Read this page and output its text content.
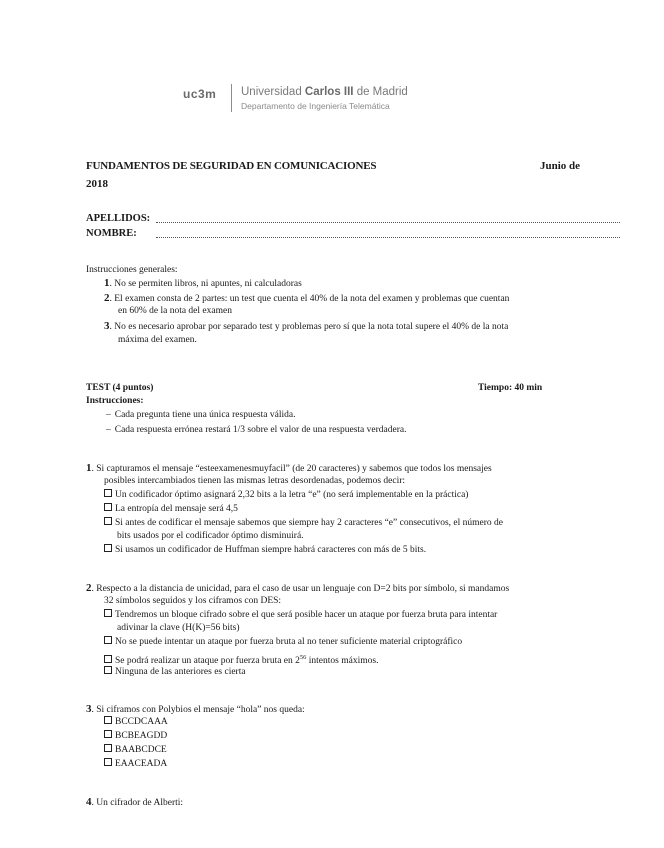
uc3m Universidad Carlos III de Madrid
Departamento de Ingeniería Telemática
FUNDAMENTOS DE SEGURIDAD EN COMUNICACIONES	Junio de
2018
APELLIDOS:
NOMBRE:
Instrucciones generales:
1. No se permiten libros, ni apuntes, ni calculadoras
2. El examen consta de 2 partes: un test que cuenta el 40% de la nota del examen y problemas que cuentan
en 60% de la nota del examen
3. No es necesario aprobar por separado test y problemas pero sí que la nota total supere el 40% de la nota
máxima del examen.
TEST (4 puntos)	Tiempo: 40 min
Instrucciones:
– Cada pregunta tiene una única respuesta válida.
– Cada respuesta errónea restará 1/3 sobre el valor de una respuesta verdadera.
1. Si capturamos el mensaje “esteexamenesmuyfacil” (de 20 caracteres) y sabemos que todos los mensajes
posibles intercambiados tienen las mismas letras desordenadas, podemos decir:
Un codificador óptimo asignará 2,32 bits a la letra “e” (no será implementable en la práctica)
La entropía del mensaje será 4,5
Si antes de codificar el mensaje sabemos que siempre hay 2 caracteres “e” consecutivos, el número de
bits usados por el codificador óptimo disminuirá.
Si usamos un codificador de Huffman siempre habrá caracteres con más de 5 bits.
2. Respecto a la distancia de unicidad, para el caso de usar un lenguaje con D=2 bits por símbolo, si mandamos
32 símbolos seguidos y los ciframos con DES:
Tendremos un bloque cifrado sobre el que será posible hacer un ataque por fuerza bruta para intentar
adivinar la clave (H(K)=56 bits)
No se puede intentar un ataque por fuerza bruta al no tener suficiente material criptográfico
Se podrá realizar un ataque por fuerza bruta en $2^{56}$ intentos máximos.
Ninguna de las anteriores es cierta
3. Si ciframos con Polybios el mensaje “hola” nos queda:
BCCDCAAA
BCBEAGDD
BAABCDCE
EAACEADA
4. Un cifrador de Alberti:
